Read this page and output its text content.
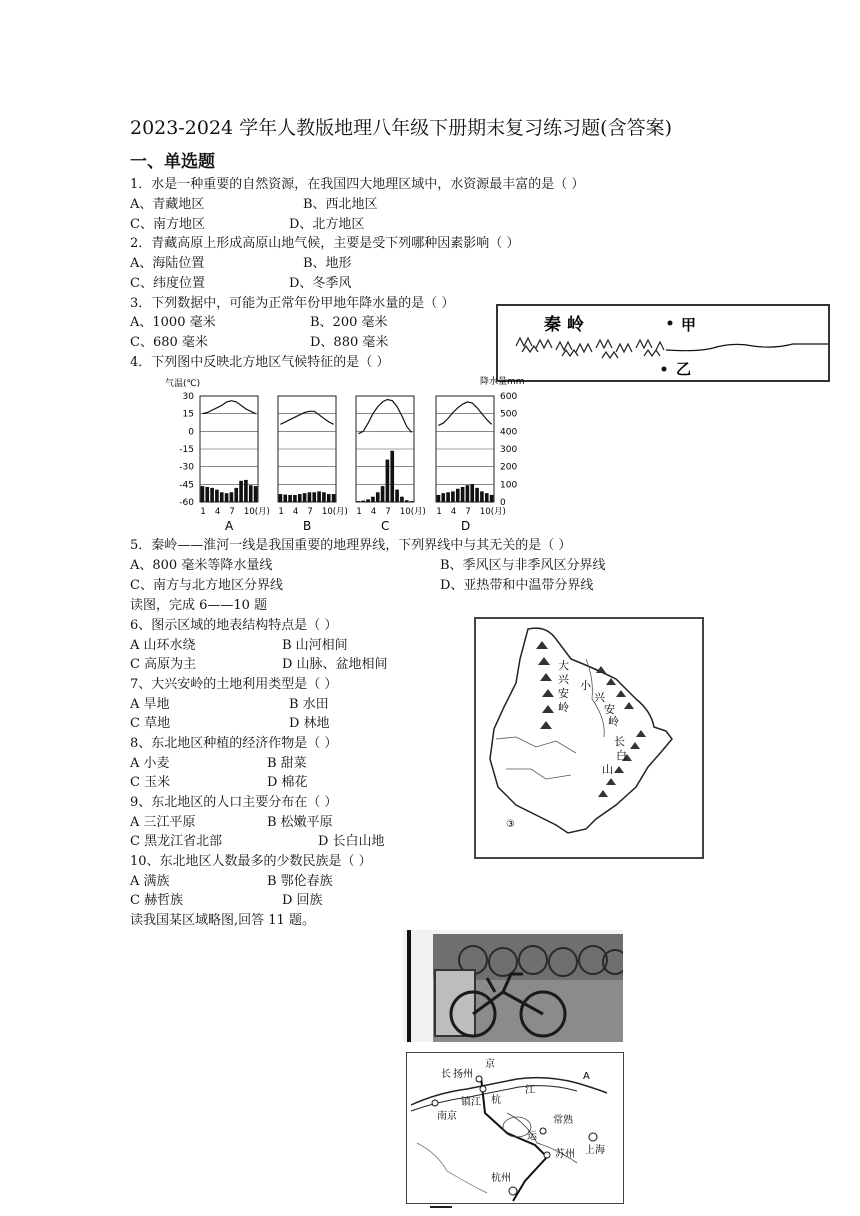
2023-2024 学年人教版地理八年级下册期末复习练习题(含答案)
一、单选题
1．水是一种重要的自然资源，在我国四大地理区域中，水资源最丰富的是（ ）
A、青藏地区	B、西北地区
C、南方地区	D、北方地区
2．青藏高原上形成高原山地气候，主要是受下列哪种因素影响（ ）
A、海陆位置	B、地形
C、纬度位置	D、冬季风
3．下列数据中，可能为正常年份甲地年降水量的是（ ）
A、1000 毫米	B、200 毫米
C、680 毫米	D、880 毫米
秦 岭	甲
乙
4．下列图中反映北方地区气候特征的是（ ）
气温(℃)	降水量mm
30
15
0
-15
-30
-45
-60
600
500
400
300
200
100
0
1 4 7 10(月)
A
1 4 7 10(月)
B
1 4 7 10(月)
C
1 4 7 10(月)
D
5．秦岭——淮河一线是我国重要的地理界线，下列界线中与其无关的是（ ）
A、800 毫米等降水量线	B、季风区与非季风区分界线
C、南方与北方地区分界线	D、亚热带和中温带分界线
读图，完成 6——10 题
6、图示区域的地表结构特点是（ ）
A 山环水绕	B 山河相间
C 高原为主	D 山脉、盆地相间
7、大兴安岭的土地利用类型是（ ）
A 旱地	B 水田
C 草地	D 林地
8、东北地区种植的经济作物是（ ）
A 小麦	B 甜菜
C 玉米	D 棉花
9、东北地区的人口主要分布在（ ）
A 三江平原	B 松嫩平原
C 黑龙江省北部	D 长白山地
10、东北地区人数最多的少数民族是（ ）
A 满族	B 鄂伦春族
C 赫哲族	D 回族
读我国某区域略图,回答 11 题。
大
兴
安
岭
小
兴
安
岭
长
白
山
③
扬州
长
京
南京
镇江 杭
江
常熟
运
苏州 上海
杭州
A
